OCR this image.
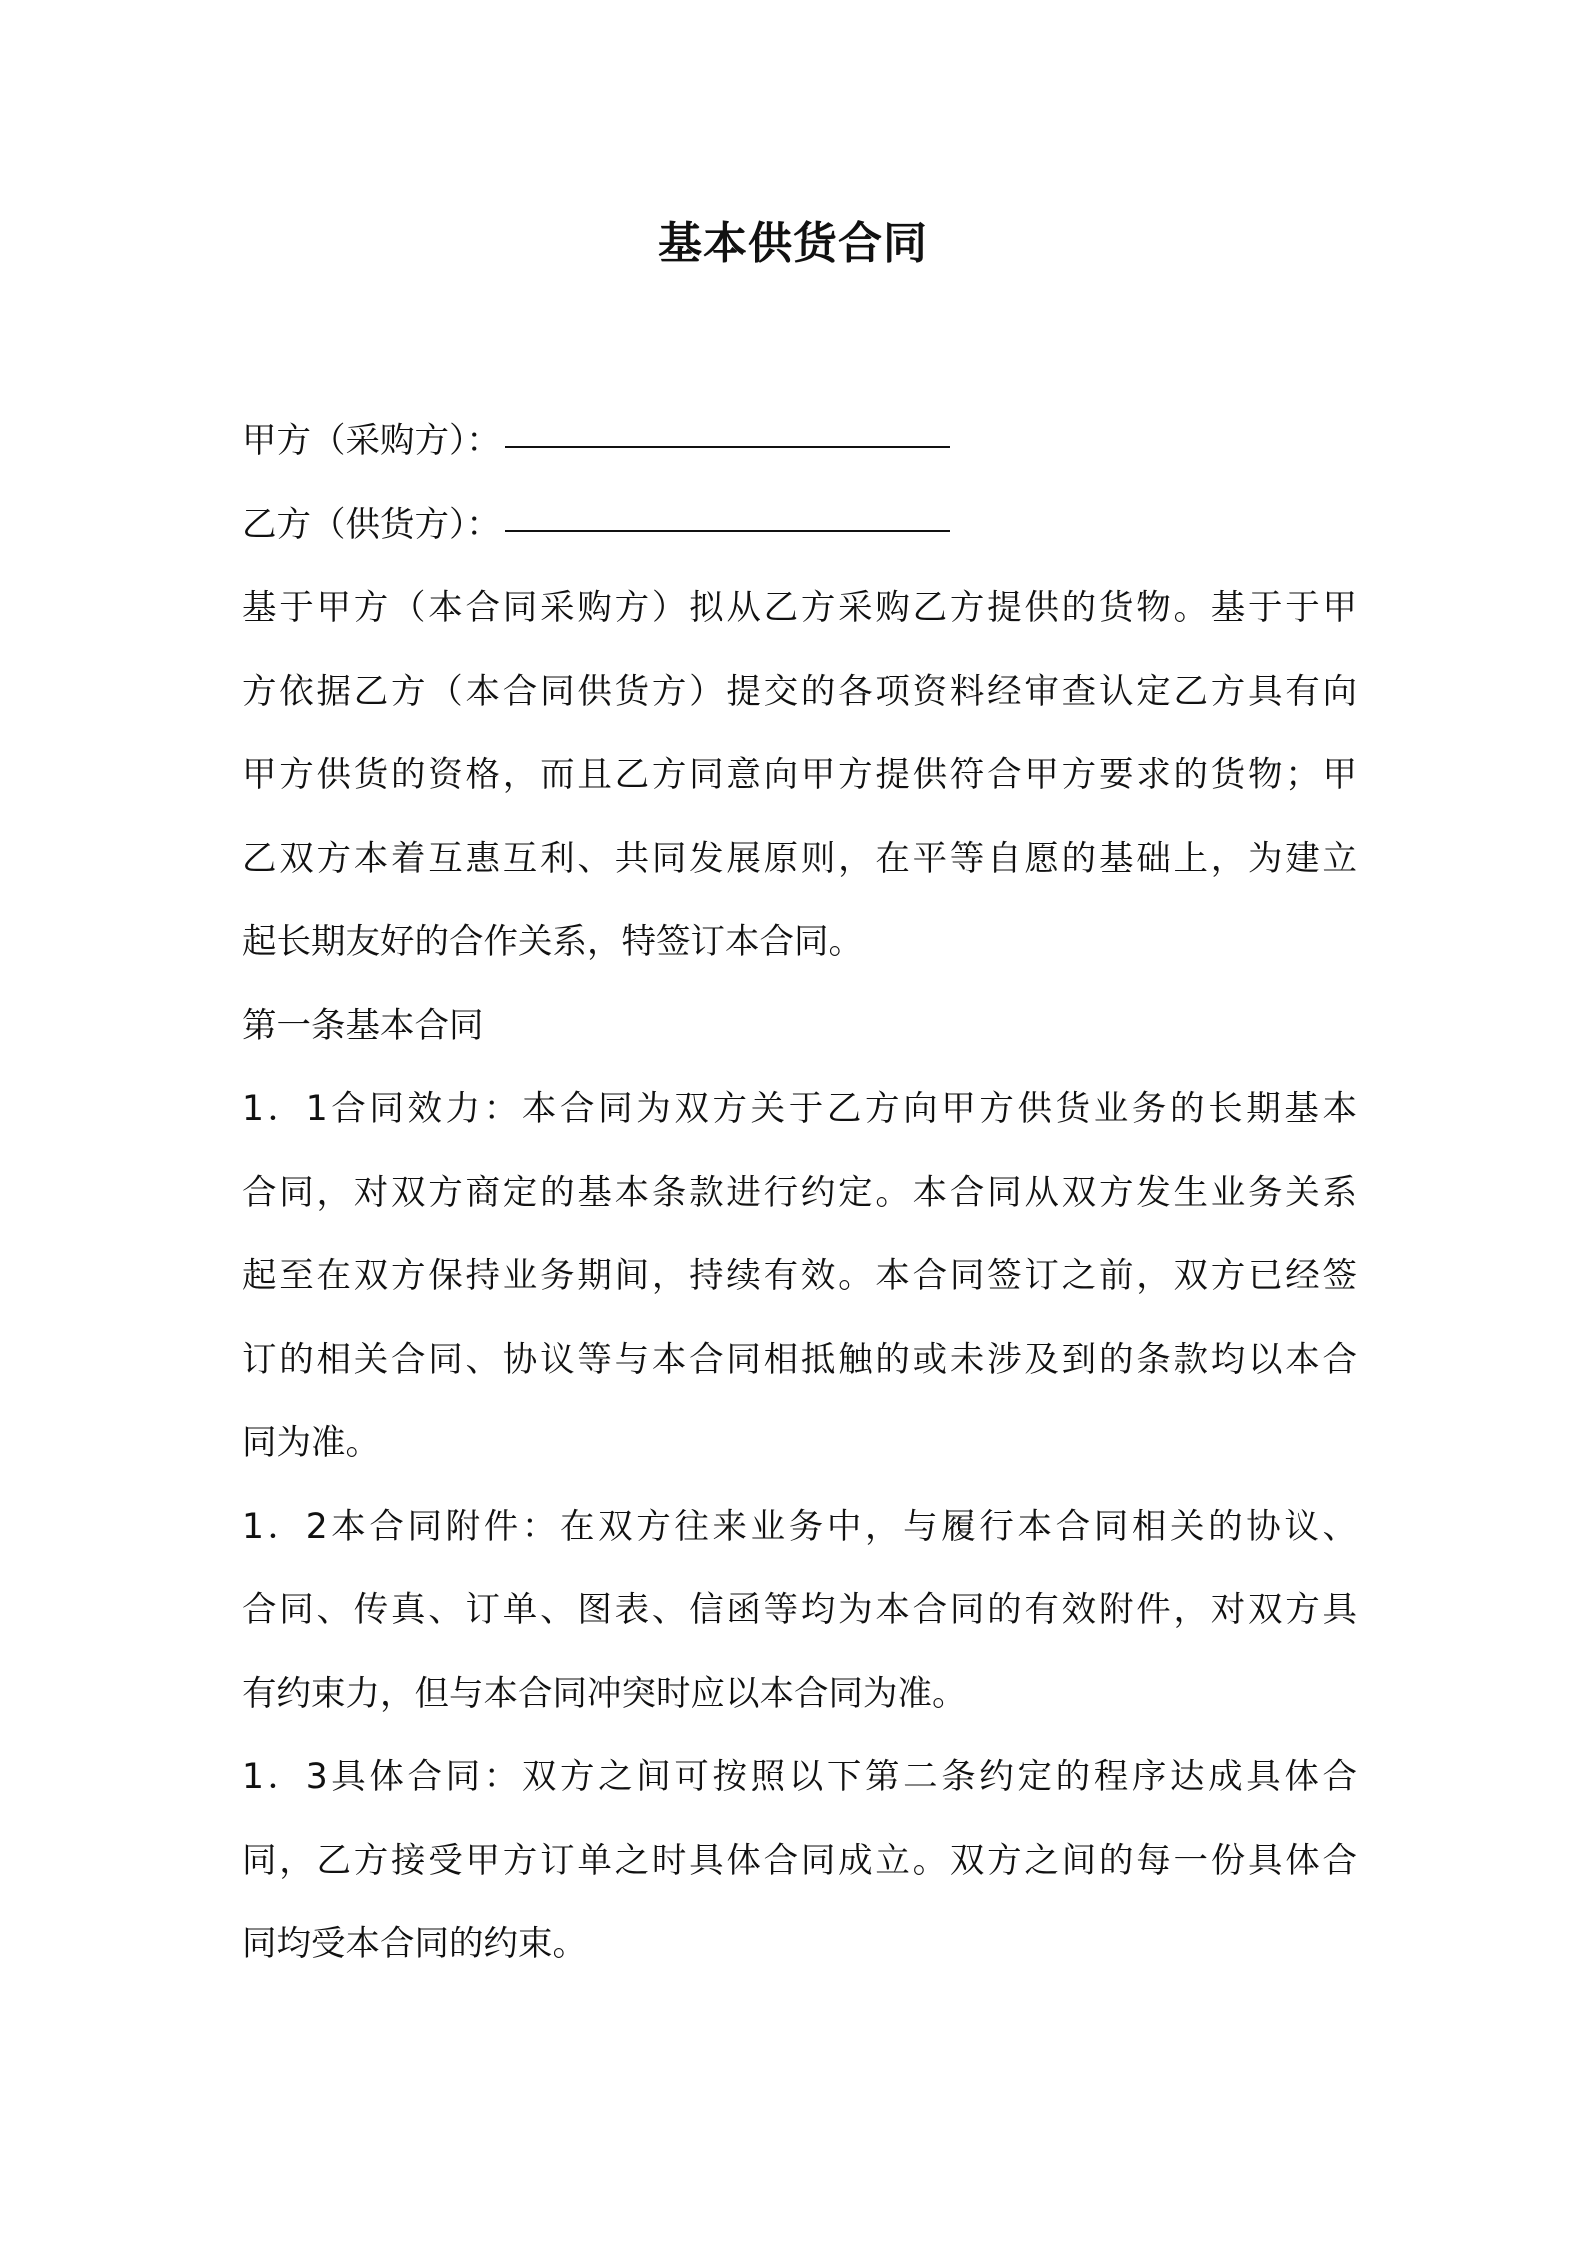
基本供货合同
甲方（采购方）：
乙方（供货方）：
基于甲方（本合同采购方）拟从乙方采购乙方提供的货物。基于于甲
方依据乙方（本合同供货方）提交的各项资料经审查认定乙方具有向
甲方供货的资格，而且乙方同意向甲方提供符合甲方要求的货物；甲
乙双方本着互惠互利、共同发展原则，在平等自愿的基础上，为建立
起长期友好的合作关系，特签订本合同。
第一条基本合同
1．1合同效力：本合同为双方关于乙方向甲方供货业务的长期基本
合同，对双方商定的基本条款进行约定。本合同从双方发生业务关系
起至在双方保持业务期间，持续有效。本合同签订之前，双方已经签
订的相关合同、协议等与本合同相抵触的或未涉及到的条款均以本合
同为准。
1．2本合同附件：在双方往来业务中，与履行本合同相关的协议、
合同、传真、订单、图表、信函等均为本合同的有效附件，对双方具
有约束力，但与本合同冲突时应以本合同为准。
1．3具体合同：双方之间可按照以下第二条约定的程序达成具体合
同，乙方接受甲方订单之时具体合同成立。双方之间的每一份具体合
同均受本合同的约束。
